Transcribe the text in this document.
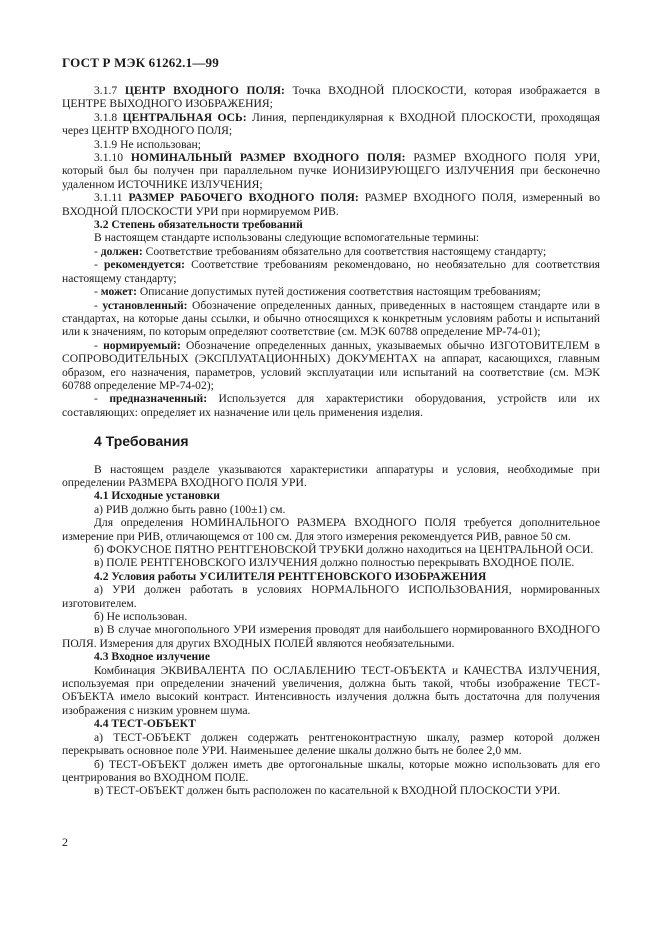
ГОСТ Р МЭК 61262.1—99

3.1.7 ЦЕНТР ВХОДНОГО ПОЛЯ: Точка ВХОДНОЙ ПЛОСКОСТИ, которая изображается в ЦЕНТРЕ ВЫХОДНОГО ИЗОБРАЖЕНИЯ;

3.1.8 ЦЕНТРАЛЬНАЯ ОСЬ: Линия, перпендикулярная к ВХОДНОЙ ПЛОСКОСТИ, проходящая через ЦЕНТР ВХОДНОГО ПОЛЯ;

3.1.9 Не использован;

3.1.10 НОМИНАЛЬНЫЙ РАЗМЕР ВХОДНОГО ПОЛЯ: РАЗМЕР ВХОДНОГО ПОЛЯ УРИ, который был бы получен при параллельном пучке ИОНИЗИРУЮЩЕГО ИЗЛУЧЕНИЯ при бесконечно удаленном ИСТОЧНИКЕ ИЗЛУЧЕНИЯ;

3.1.11 РАЗМЕР РАБОЧЕГО ВХОДНОГО ПОЛЯ: РАЗМЕР ВХОДНОГО ПОЛЯ, измеренный во ВХОДНОЙ ПЛОСКОСТИ УРИ при нормируемом РИВ.

3.2 Степень обязательности требований

В настоящем стандарте использованы следующие вспомогательные термины:

- должен: Соответствие требованиям обязательно для соответствия настоящему стандарту;

- рекомендуется: Соответствие требованиям рекомендовано, но необязательно для соответствия настоящему стандарту;

- может: Описание допустимых путей достижения соответствия настоящим требованиям;

- установленный: Обозначение определенных данных, приведенных в настоящем стандарте или в стандартах, на которые даны ссылки, и обычно относящихся к конкретным условиям работы и испытаний или к значениям, по которым определяют соответствие (см. МЭК 60788 определение МР-74-01);

- нормируемый: Обозначение определенных данных, указываемых обычно ИЗГОТОВИТЕЛЕМ в СОПРОВОДИТЕЛЬНЫХ (ЭКСПЛУАТАЦИОННЫХ) ДОКУМЕНТАХ на аппарат, касающихся, главным образом, его назначения, параметров, условий эксплуатации или испытаний на соответствие (см. МЭК 60788 определение МР-74-02);

- предназначенный: Используется для характеристики оборудования, устройств или их составляющих: определяет их назначение или цель применения изделия.

4 Требования

В настоящем разделе указываются характеристики аппаратуры и условия, необходимые при определении РАЗМЕРА ВХОДНОГО ПОЛЯ УРИ.

4.1 Исходные установки

а) РИВ должно быть равно (100±1) см.

Для определения НОМИНАЛЬНОГО РАЗМЕРА ВХОДНОГО ПОЛЯ требуется дополнительное измерение при РИВ, отличающемся от 100 см. Для этого измерения рекомендуется РИВ, равное 50 см.

б) ФОКУСНОЕ ПЯТНО РЕНТГЕНОВСКОЙ ТРУБКИ должно находиться на ЦЕНТРАЛЬНОЙ ОСИ.

в) ПОЛЕ РЕНТГЕНОВСКОГО ИЗЛУЧЕНИЯ должно полностью перекрывать ВХОДНОЕ ПОЛЕ.

4.2 Условия работы УСИЛИТЕЛЯ РЕНТГЕНОВСКОГО ИЗОБРАЖЕНИЯ

а) УРИ должен работать в условиях НОРМАЛЬНОГО ИСПОЛЬЗОВАНИЯ, нормированных изготовителем.

б) Не использован.

в) В случае многопольного УРИ измерения проводят для наибольшего нормированного ВХОДНОГО ПОЛЯ. Измерения для других ВХОДНЫХ ПОЛЕЙ являются необязательными.

4.3 Входное излучение

Комбинация ЭКВИВАЛЕНТА ПО ОСЛАБЛЕНИЮ ТЕСТ-ОБЪЕКТА и КАЧЕСТВА ИЗЛУЧЕНИЯ, используемая при определении значений увеличения, должна быть такой, чтобы изображение ТЕСТ-ОБЪЕКТА имело высокий контраст. Интенсивность излучения должна быть достаточна для получения изображения с низким уровнем шума.

4.4 ТЕСТ-ОБЪЕКТ

а) ТЕСТ-ОБЪЕКТ должен содержать рентгеноконтрастную шкалу, размер которой должен перекрывать основное поле УРИ. Наименьшее деление шкалы должно быть не более 2,0 мм.

б) ТЕСТ-ОБЪЕКТ должен иметь две ортогональные шкалы, которые можно использовать для его центрирования во ВХОДНОМ ПОЛЕ.

в) ТЕСТ-ОБЪЕКТ должен быть расположен по касательной к ВХОДНОЙ ПЛОСКОСТИ УРИ.

2
